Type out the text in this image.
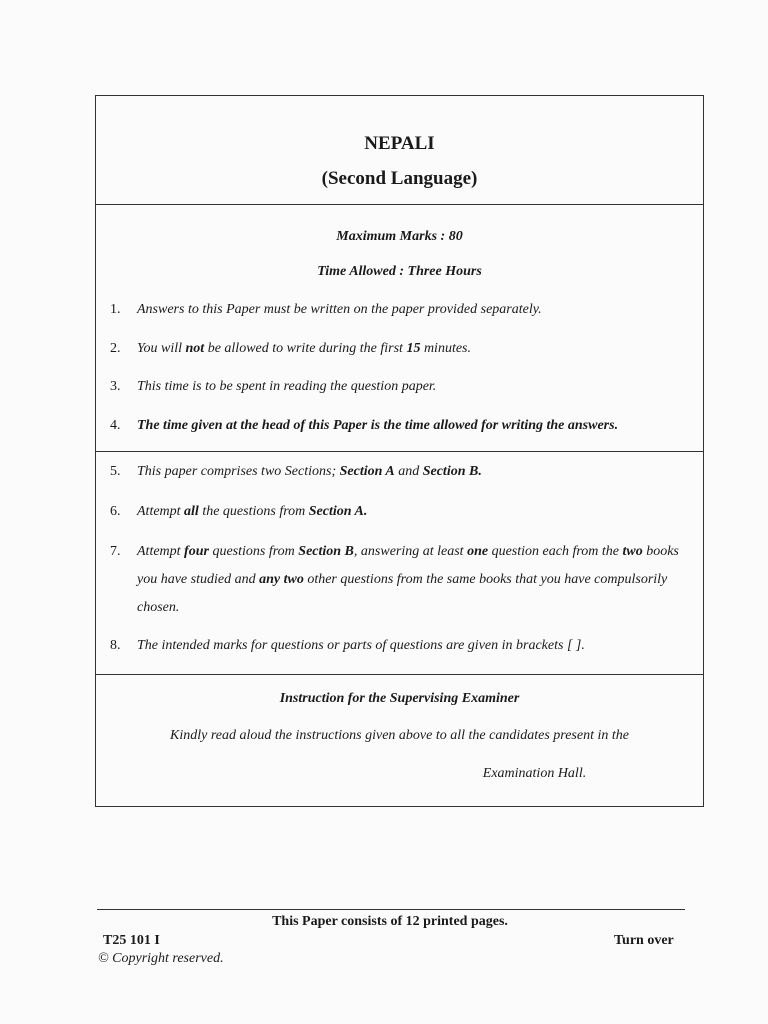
NEPALI
(Second Language)
Maximum Marks : 80
Time Allowed : Three Hours
1. Answers to this Paper must be written on the paper provided separately.
2. You will not be allowed to write during the first 15 minutes.
3. This time is to be spent in reading the question paper.
4. The time given at the head of this Paper is the time allowed for writing the answers.
5. This paper comprises two Sections; Section A and Section B.
6. Attempt all the questions from Section A.
7. Attempt four questions from Section B, answering at least one question each from the two books you have studied and any two other questions from the same books that you have compulsorily chosen.
8. The intended marks for questions or parts of questions are given in brackets [ ].
Instruction for the Supervising Examiner
Kindly read aloud the instructions given above to all the candidates present in the
Examination Hall.
This Paper consists of 12 printed pages.
T25 101 I	Turn over
© Copyright reserved.
